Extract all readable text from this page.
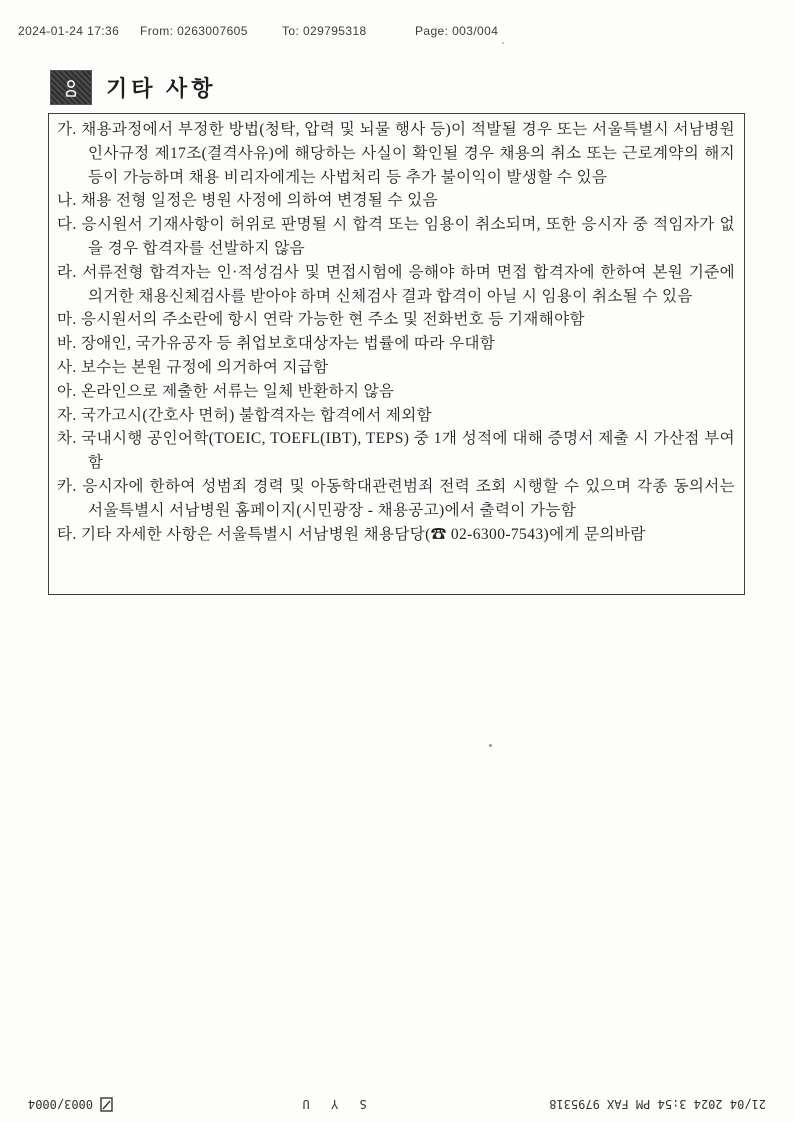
2024-01-24 17:36 From: 0263007605	To: 029795318	Page: 003/004
기타 사항

가. 채용과정에서 부정한 방법(청탁, 압력 및 뇌물 행사 등)이 적발될 경우 또는 서울특별시 서남병원 인사규정 제17조(결격사유)에 해당하는 사실이 확인될 경우 채용의 취소 또는 근로계약의 해지 등이 가능하며 채용 비리자에게는 사법처리 등 추가 불이익이 발생할 수 있음

나. 채용 전형 일정은 병원 사정에 의하여 변경될 수 있음

다. 응시원서 기재사항이 허위로 판명될 시 합격 또는 임용이 취소되며, 또한 응시자 중 적임자가 없을 경우 합격자를 선발하지 않음

라. 서류전형 합격자는 인·적성검사 및 면접시험에 응해야 하며 면접 합격자에 한하여 본원 기준에 의거한 채용신체검사를 받아야 하며 신체검사 결과 합격이 아닐 시 임용이 취소될 수 있음

마. 응시원서의 주소란에 항시 연락 가능한 현 주소 및 전화번호 등 기재해야함

바. 장애인, 국가유공자 등 취업보호대상자는 법률에 따라 우대함

사. 보수는 본원 규정에 의거하여 지급함

아. 온라인으로 제출한 서류는 일체 반환하지 않음

자. 국가고시(간호사 면허) 불합격자는 합격에서 제외함

차. 국내시행 공인어학(TOEIC, TOEFL(IBT), TEPS) 중 1개 성적에 대해 증명서 제출 시 가산점 부여함

카. 응시자에 한하여 성범죄 경력 및 아동학대관련범죄 전력 조회 시행할 수 있으며 각종 동의서는 서울특별시 서남병원 홈페이지(시민광장 - 채용공고)에서 출력이 가능함

타. 기타 자세한 사항은 서울특별시 서남병원 채용담당(☎ 02-6300-7543)에게 문의바람

21/04 2024 3:54 PM FAX 9795318
S Y U
0003/0004
